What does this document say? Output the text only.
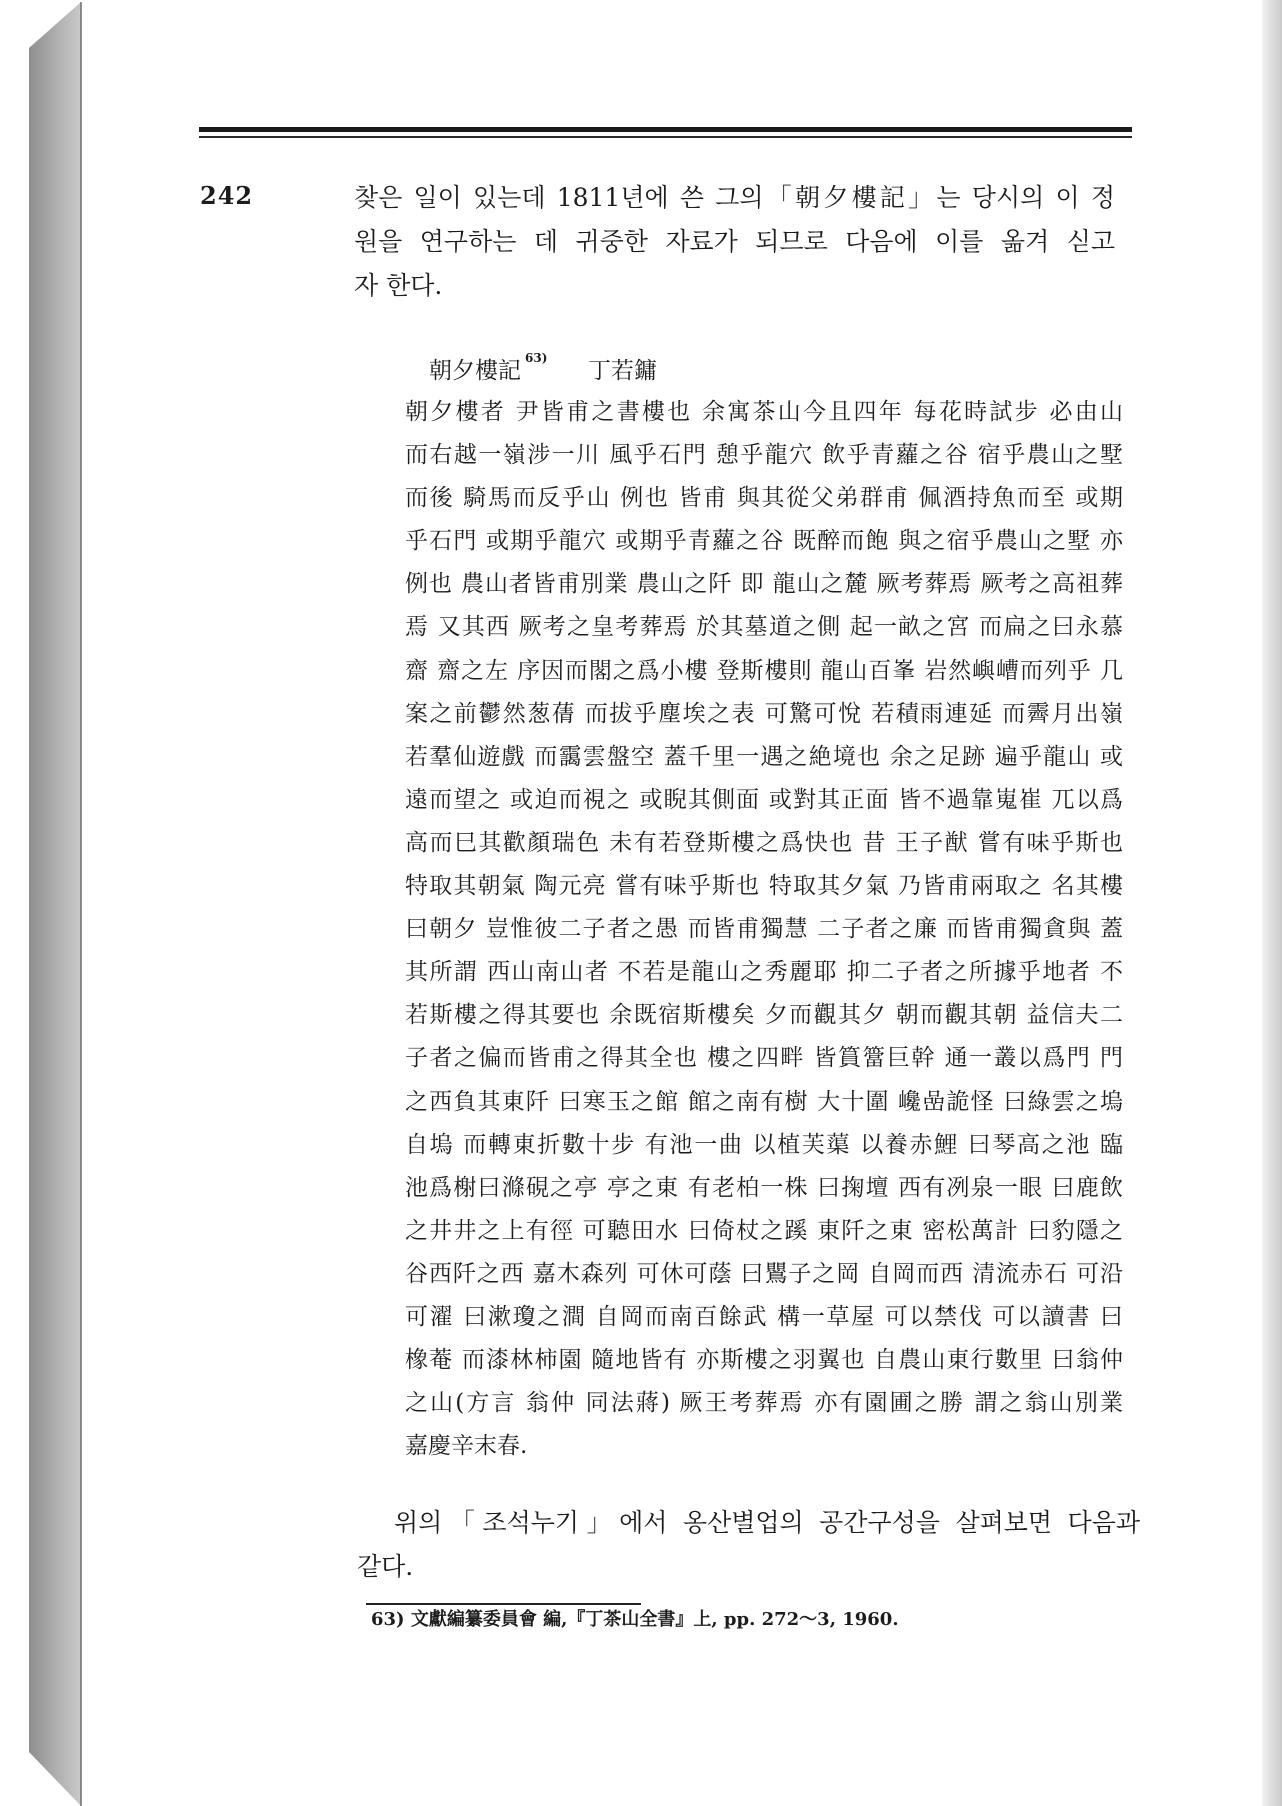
242	찾은 일이 있는데 1811년에 쓴 그의「朝夕樓記」는 당시의 이 정
원을 연구하는 데 귀중한 자료가 되므로 다음에 이를 옮겨 싣고
자 한다.
朝夕樓記 63) 丁若鏞
朝夕樓者 尹皆甫之書樓也 余寓茶山今且四年 每花時試步 必由山
而右越一嶺涉一川 風乎石門 憩乎龍穴 飲乎青蘿之谷 宿乎農山之墅
而後 騎馬而反乎山 例也 皆甫 與其從父弟群甫 佩酒持魚而至 或期
乎石門 或期乎龍穴 或期乎青蘿之谷 既醉而飽 與之宿乎農山之墅 亦
例也 農山者皆甫別業 農山之阡 即 龍山之麓 厥考葬焉 厥考之高祖葬
焉 又其西 厥考之皇考葬焉 於其墓道之側 起一畝之宮 而扁之曰永慕
齋 齋之左 序因而閣之爲小樓 登斯樓則 龍山百峯 岩然嶼嶆而列乎 几
案之前鬱然葱蒨 而拔乎塵埃之表 可驚可悅 若積雨連延 而霽月出嶺
若羣仙遊戲 而靄雲盤空 蓋千里一遇之絶境也 余之足跡 遍乎龍山 或
遠而望之 或迫而視之 或睨其側面 或對其正面 皆不過靠嵬崔 兀以爲
高而巳其歡顏瑞色 未有若登斯樓之爲快也 昔 王子猷 嘗有味乎斯也
特取其朝氣 陶元亮 嘗有味乎斯也 特取其夕氣 乃皆甫兩取之 名其樓
曰朝夕 豈惟彼二子者之愚 而皆甫獨慧 二子者之廉 而皆甫獨貪與 蓋
其所謂 西山南山者 不若是龍山之秀麗耶 抑二子者之所據乎地者 不
若斯樓之得其要也 余既宿斯樓矣 夕而觀其夕 朝而觀其朝 益信夫二
子者之偏而皆甫之得其全也 樓之四畔 皆篔簹巨幹 通一叢以爲門 門
之西負其東阡 曰寒玉之館 館之南有樹 大十圍 巉嵒詭怪 曰綠雲之塢
自塢 而轉東折數十步 有池一曲 以植芙蕖 以養赤鯉 曰琴高之池 臨
池爲榭曰滌硯之亭 亭之東 有老柏一株 曰掬壇 西有冽泉一眼 曰鹿飲
之井井之上有徑 可聽田水 曰倚杖之蹊 東阡之東 密松萬計 曰豹隱之
谷西阡之西 嘉木森列 可休可蔭 曰鸎子之岡 自岡而西 清流赤石 可沿
可濯 曰漱瓊之澗 自岡而南百餘武 構一草屋 可以禁伐 可以讀書 曰
橡菴 而漆林柿園 隨地皆有 亦斯樓之羽翼也 自農山東行數里 曰翁仲
之山(方言 翁仲 同法蔣) 厥王考葬焉 亦有園圃之勝 謂之翁山別業
嘉慶辛末春.
위의「조석누기」에서 옹산별업의 공간구성을 살펴보면 다음과
같다.
63) 文獻編纂委員會 編,『丁茶山全書』上, pp. 272～3, 1960.
